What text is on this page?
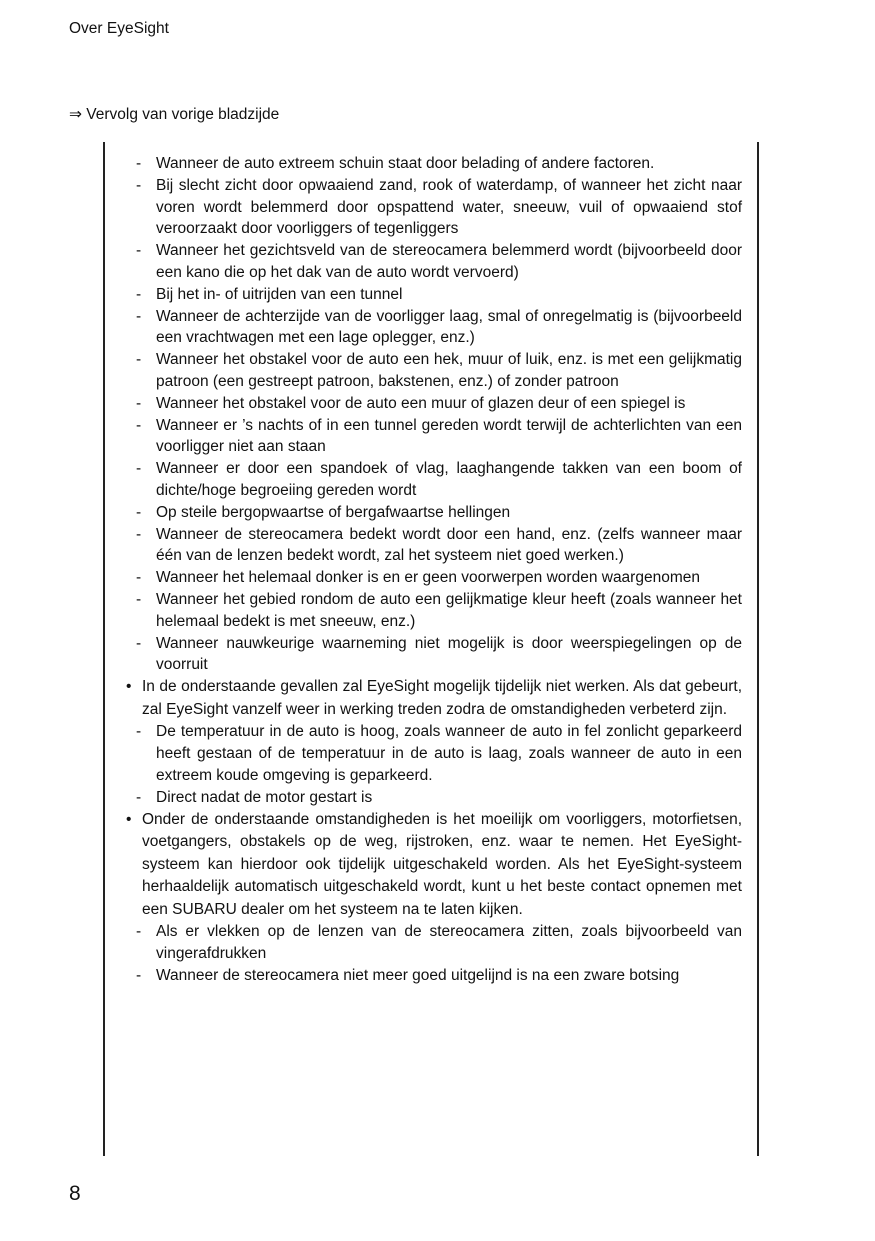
Over EyeSight
⇒ Vervolg van vorige bladzijde
- Wanneer de auto extreem schuin staat door belading of andere factoren.
- Bij slecht zicht door opwaaiend zand, rook of waterdamp, of wanneer het zicht naar voren wordt belemmerd door opspattend water, sneeuw, vuil of opwaaiend stof veroorzaakt door voorliggers of tegenliggers
- Wanneer het gezichtsveld van de stereocamera belemmerd wordt (bijvoorbeeld door een kano die op het dak van de auto wordt vervoerd)
- Bij het in- of uitrijden van een tunnel
- Wanneer de achterzijde van de voorligger laag, smal of onregelmatig is (bijvoorbeeld een vrachtwagen met een lage oplegger, enz.)
- Wanneer het obstakel voor de auto een hek, muur of luik, enz. is met een gelijkmatig patroon (een gestreept patroon, bakstenen, enz.) of zonder patroon
- Wanneer het obstakel voor de auto een muur of glazen deur of een spiegel is
- Wanneer er ’s nachts of in een tunnel gereden wordt terwijl de achterlichten van een voorligger niet aan staan
- Wanneer er door een spandoek of vlag, laaghangende takken van een boom of dichte/hoge begroeiing gereden wordt
- Op steile bergopwaartse of bergafwaartse hellingen
- Wanneer de stereocamera bedekt wordt door een hand, enz. (zelfs wanneer maar één van de lenzen bedekt wordt, zal het systeem niet goed werken.)
- Wanneer het helemaal donker is en er geen voorwerpen worden waargenomen
- Wanneer het gebied rondom de auto een gelijkmatige kleur heeft (zoals wanneer het helemaal bedekt is met sneeuw, enz.)
- Wanneer nauwkeurige waarneming niet mogelijk is door weerspiegelingen op de voorruit
• In de onderstaande gevallen zal EyeSight mogelijk tijdelijk niet werken. Als dat gebeurt, zal EyeSight vanzelf weer in werking treden zodra de omstandigheden verbeterd zijn.
- De temperatuur in de auto is hoog, zoals wanneer de auto in fel zonlicht geparkeerd heeft gestaan of de temperatuur in de auto is laag, zoals wanneer de auto in een extreem koude omgeving is geparkeerd.
- Direct nadat de motor gestart is
• Onder de onderstaande omstandigheden is het moeilijk om voorliggers, motorfietsen, voetgangers, obstakels op de weg, rijstroken, enz. waar te nemen. Het EyeSight-systeem kan hierdoor ook tijdelijk uitgeschakeld worden. Als het EyeSight-systeem herhaaldelijk automatisch uitgeschakeld wordt, kunt u het beste contact opnemen met een SUBARU dealer om het systeem na te laten kijken.
- Als er vlekken op de lenzen van de stereocamera zitten, zoals bijvoorbeeld van vingerafdrukken
- Wanneer de stereocamera niet meer goed uitgelijnd is na een zware botsing
8
